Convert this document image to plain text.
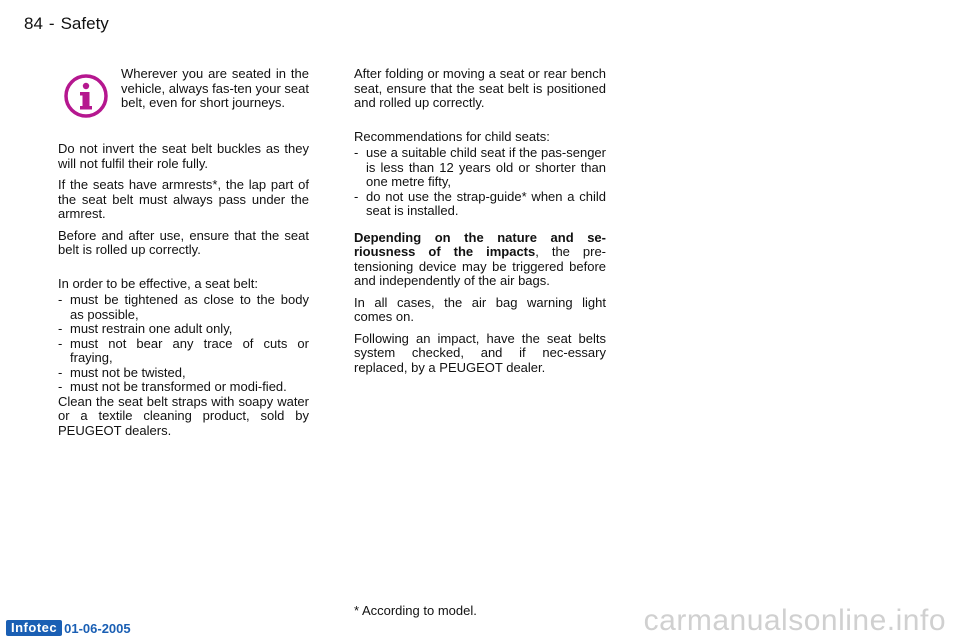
84 - Safety
Wherever you are seated in the vehicle, always fas-ten your seat belt, even for short journeys.

Do not invert the seat belt buckles as they will not fulfil their role fully.

If the seats have armrests*, the lap part of the seat belt must always pass under the armrest.

Before and after use, ensure that the seat belt is rolled up correctly.

In order to be effective, a seat belt:

- must be tightened as close to the body as possible,
- must restrain one adult only,
- must not bear any trace of cuts or fraying,
- must not be twisted,
- must not be transformed or modi-fied.

Clean the seat belt straps with soapy water or a textile cleaning product, sold by PEUGEOT dealers.

After folding or moving a seat or rear bench seat, ensure that the seat belt is positioned and rolled up correctly.

Recommendations for child seats:

- use a suitable child seat if the pas-senger is less than 12 years old or shorter than one metre fifty,
- do not use the strap-guide* when a child seat is installed.

Depending on the nature and se-riousness of the impacts, the pre-tensioning device may be triggered before and independently of the air bags.

In all cases, the air bag warning light comes on.

Following an impact, have the seat belts system checked, and if nec-essary replaced, by a PEUGEOT dealer.

* According to model.
Infotec 01-06-2005	carmanualsonline.info
